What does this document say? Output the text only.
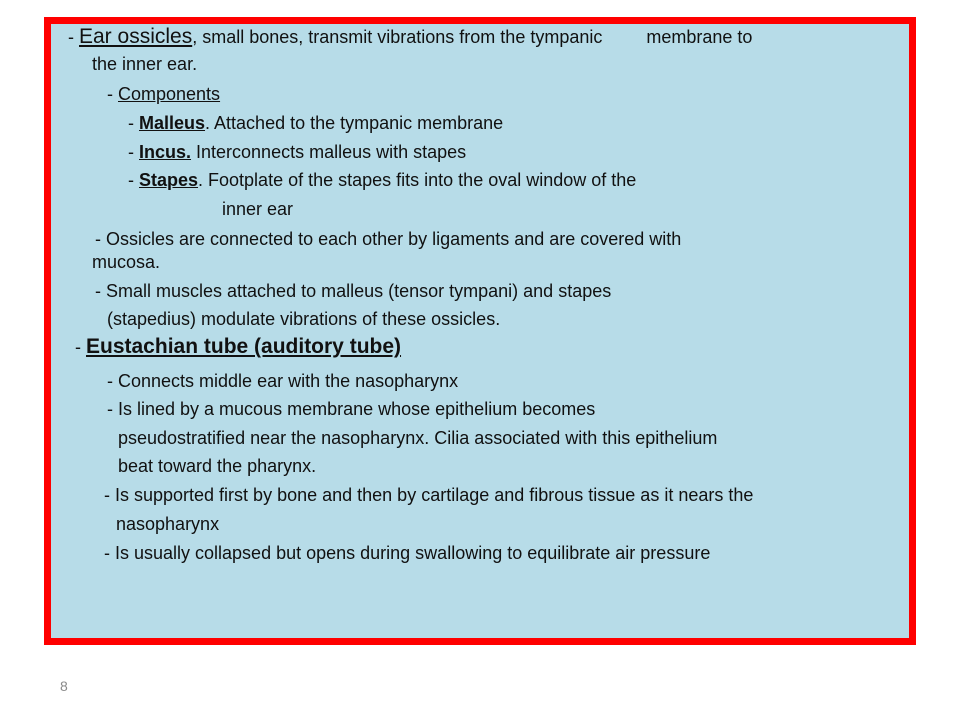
- Ear ossicles, small bones, transmit vibrations from the tympanic membrane to
the inner ear.
- Components
- Malleus. Attached to the tympanic membrane
- Incus. Interconnects malleus with stapes
- Stapes. Footplate of the stapes fits into the oval window of the
inner ear
- Ossicles are connected to each other by ligaments and are covered with
mucosa.
- Small muscles attached to malleus (tensor tympani) and stapes
(stapedius) modulate vibrations of these ossicles.
- Eustachian tube (auditory tube)
- Connects middle ear with the nasopharynx
- Is lined by a mucous membrane whose epithelium becomes
pseudostratified near the nasopharynx. Cilia associated with this epithelium
beat toward the pharynx.
- Is supported first by bone and then by cartilage and fibrous tissue as it nears the
nasopharynx
- Is usually collapsed but opens during swallowing to equilibrate air pressure
8
